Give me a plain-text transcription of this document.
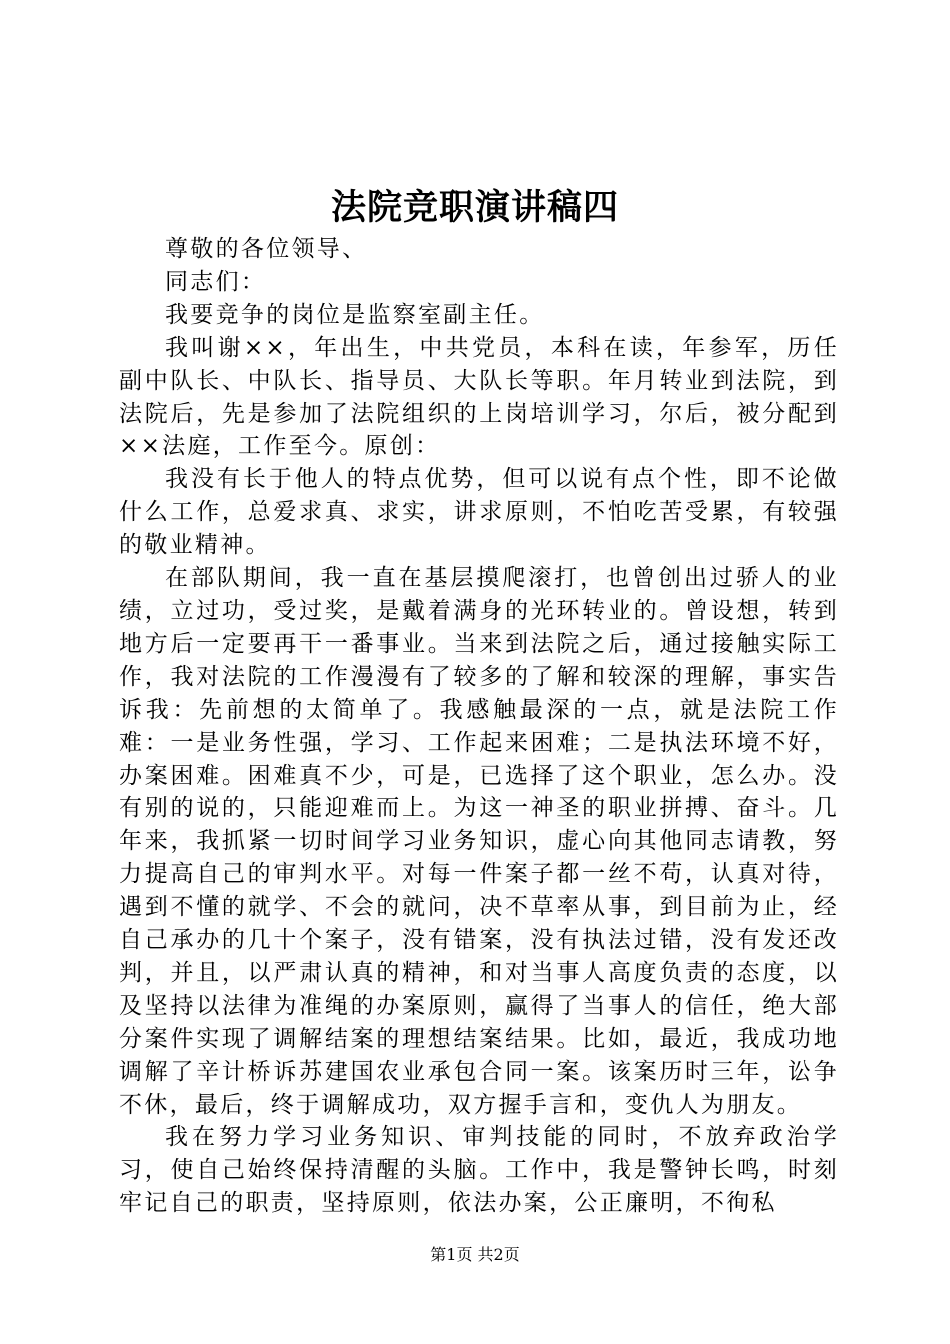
法院竞职演讲稿四

尊敬的各位领导、

同志们：

我要竞争的岗位是监察室副主任。

我叫谢××，年出生，中共党员，本科在读，年参军，历任副中队长、中队长、指导员、大队长等职。年月转业到法院，到法院后，先是参加了法院组织的上岗培训学习，尔后，被分配到××法庭，工作至今。原创：

我没有长于他人的特点优势，但可以说有点个性，即不论做什么工作，总爱求真、求实，讲求原则，不怕吃苦受累，有较强的敬业精神。

在部队期间，我一直在基层摸爬滚打，也曾创出过骄人的业绩，立过功，受过奖，是戴着满身的光环转业的。曾设想，转到地方后一定要再干一番事业。当来到法院之后，通过接触实际工作，我对法院的工作漫漫有了较多的了解和较深的理解，事实告诉我：先前想的太简单了。我感触最深的一点，就是法院工作难：一是业务性强，学习、工作起来困难；二是执法环境不好，办案困难。困难真不少，可是，已选择了这个职业，怎么办。没有别的说的，只能迎难而上。为这一神圣的职业拼搏、奋斗。几年来，我抓紧一切时间学习业务知识，虚心向其他同志请教，努力提高自己的审判水平。对每一件案子都一丝不苟，认真对待，遇到不懂的就学、不会的就问，决不草率从事，到目前为止，经自己承办的几十个案子，没有错案，没有执法过错，没有发还改判，并且，以严肃认真的精神，和对当事人高度负责的态度，以及坚持以法律为准绳的办案原则，赢得了当事人的信任，绝大部分案件实现了调解结案的理想结案结果。比如，最近，我成功地调解了辛计桥诉苏建国农业承包合同一案。该案历时三年，讼争不休，最后，终于调解成功，双方握手言和，变仇人为朋友。

我在努力学习业务知识、审判技能的同时，不放弃政治学习，使自己始终保持清醒的头脑。工作中，我是警钟长鸣，时刻牢记自己的职责，坚持原则，依法办案，公正廉明，不徇私

第1页 共2页
